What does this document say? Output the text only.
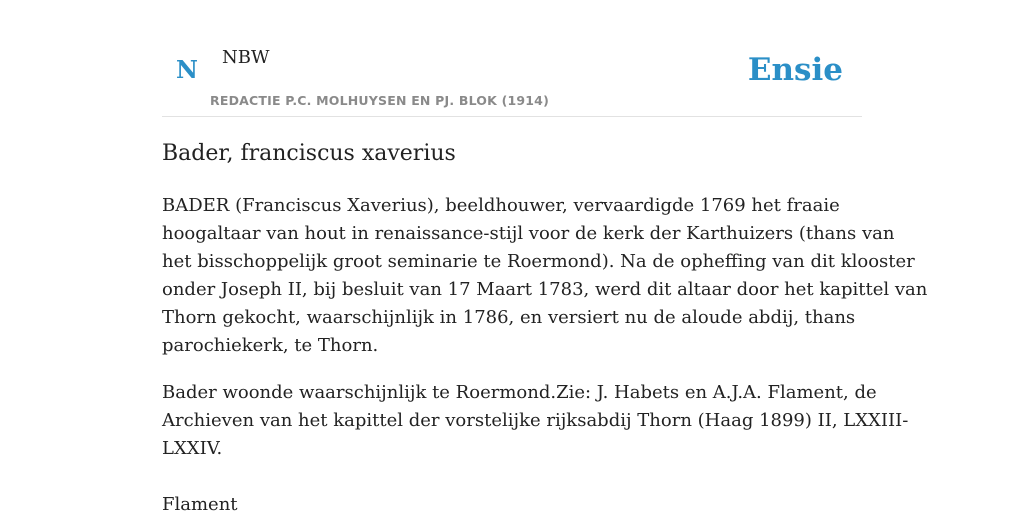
N NBW
REDACTIE P.C. MOLHUYSEN EN PJ. BLOK (1914)
Ensie
Bader, franciscus xaverius

BADER (Franciscus Xaverius), beeldhouwer, vervaardigde 1769 het fraaie
hoogaltaar van hout in renaissance-stijl voor de kerk der Karthuizers (thans van
het bisschoppelijk groot seminarie te Roermond). Na de opheffing van dit klooster
onder Joseph II, bij besluit van 17 Maart 1783, werd dit altaar door het kapittel van
Thorn gekocht, waarschijnlijk in 1786, en versiert nu de aloude abdij, thans
parochiekerk, te Thorn.

Bader woonde waarschijnlijk te Roermond.Zie: J. Habets en A.J.A. Flament, de
Archieven van het kapittel der vorstelijke rijksabdij Thorn (Haag 1899) II, LXXIII-
LXXIV.

Flament
